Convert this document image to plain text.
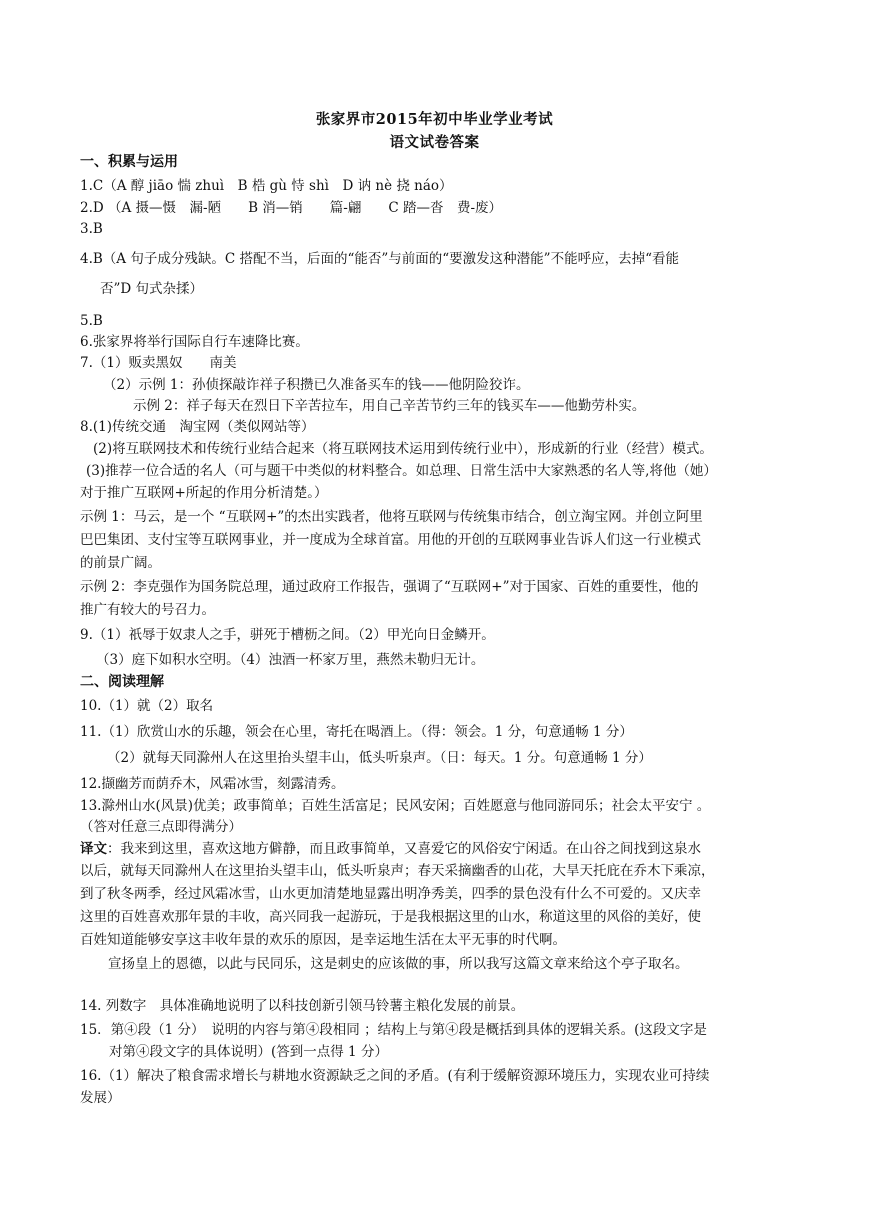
张家界市2015年初中毕业学业考试
语文试卷答案
一、积累与运用
1.C（A 醇 jiāo 惴 zhuì　B 梏 gù 恃 shì　D 讷 nè 挠 náo）
2.D （A 摄—慑　漏-陋　　B 消—销　　篇-翩　　C 踏—沓　费-废）
3.B
4.B（A 句子成分残缺。C 搭配不当，后面的“能否”与前面的“要激发这种潜能”不能呼应，去掉“看能
否”D 句式杂揉）
5.B
6.张家界将举行国际自行车速降比赛。
7.（1）贩卖黑奴　　南美
（2）示例 1：孙侦探敲诈祥子积攒已久准备买车的钱——他阴险狡诈。
示例 2：祥子每天在烈日下辛苦拉车，用自己辛苦节约三年的钱买车——他勤劳朴实。
8.(1)传统交通　淘宝网（类似网站等）
(2)将互联网技术和传统行业结合起来（将互联网技术运用到传统行业中），形成新的行业（经营）模式。
(3)推荐一位合适的名人（可与题干中类似的材料整合。如总理、日常生活中大家熟悉的名人等,将他（她）
对于推广互联网+所起的作用分析清楚。）
示例 1：马云，是一个 “互联网+”的杰出实践者，他将互联网与传统集市结合，创立淘宝网。并创立阿里
巴巴集团、支付宝等互联网事业，并一度成为全球首富。用他的开创的互联网事业告诉人们这一行业模式
的前景广阔。
示例 2：李克强作为国务院总理，通过政府工作报告，强调了“互联网+”对于国家、百姓的重要性，他的
推广有较大的号召力。
9.（1）祇辱于奴隶人之手，骈死于槽枥之间。（2）甲光向日金鳞开。
（3）庭下如积水空明。（4）浊酒一杯家万里，燕然未勒归无计。
二、阅读理解
10.（1）就（2）取名
11.（1）欣赏山水的乐趣，领会在心里，寄托在喝酒上。（得：领会。1 分，句意通畅 1 分）
（2）就每天同滁州人在这里抬头望丰山，低头听泉声。（日：每天。1 分。句意通畅 1 分）
12.撷幽芳而荫乔木，风霜冰雪，刻露清秀。
13.滁州山水(风景)优美；政事简单；百姓生活富足；民风安闲；百姓愿意与他同游同乐；社会太平安宁 。
（答对任意三点即得满分）
译文：我来到这里，喜欢这地方僻静，而且政事简单，又喜爱它的风俗安宁闲适。在山谷之间找到这泉水
以后，就每天同滁州人在这里抬头望丰山，低头听泉声；春天采摘幽香的山花，大旱天托庇在乔木下乘凉，
到了秋冬两季，经过风霜冰雪，山水更加清楚地显露出明净秀美，四季的景色没有什么不可爱的。又庆幸
这里的百姓喜欢那年景的丰收，高兴同我一起游玩，于是我根据这里的山水，称道这里的风俗的美好，使
百姓知道能够安享这丰收年景的欢乐的原因，是幸运地生活在太平无事的时代啊。
宣扬皇上的恩德，以此与民同乐，这是刺史的应该做的事，所以我写这篇文章来给这个亭子取名。
14. 列数字　具体准确地说明了以科技创新引领马铃薯主粮化发展的前景。
15．第④段（1 分）　说明的内容与第④段相同 ；结构上与第④段是概括到具体的逻辑关系。(这段文字是
对第④段文字的具体说明）(答到一点得 1 分）
16.（1）解决了粮食需求增长与耕地水资源缺乏之间的矛盾。(有利于缓解资源环境压力，实现农业可持续
发展）
